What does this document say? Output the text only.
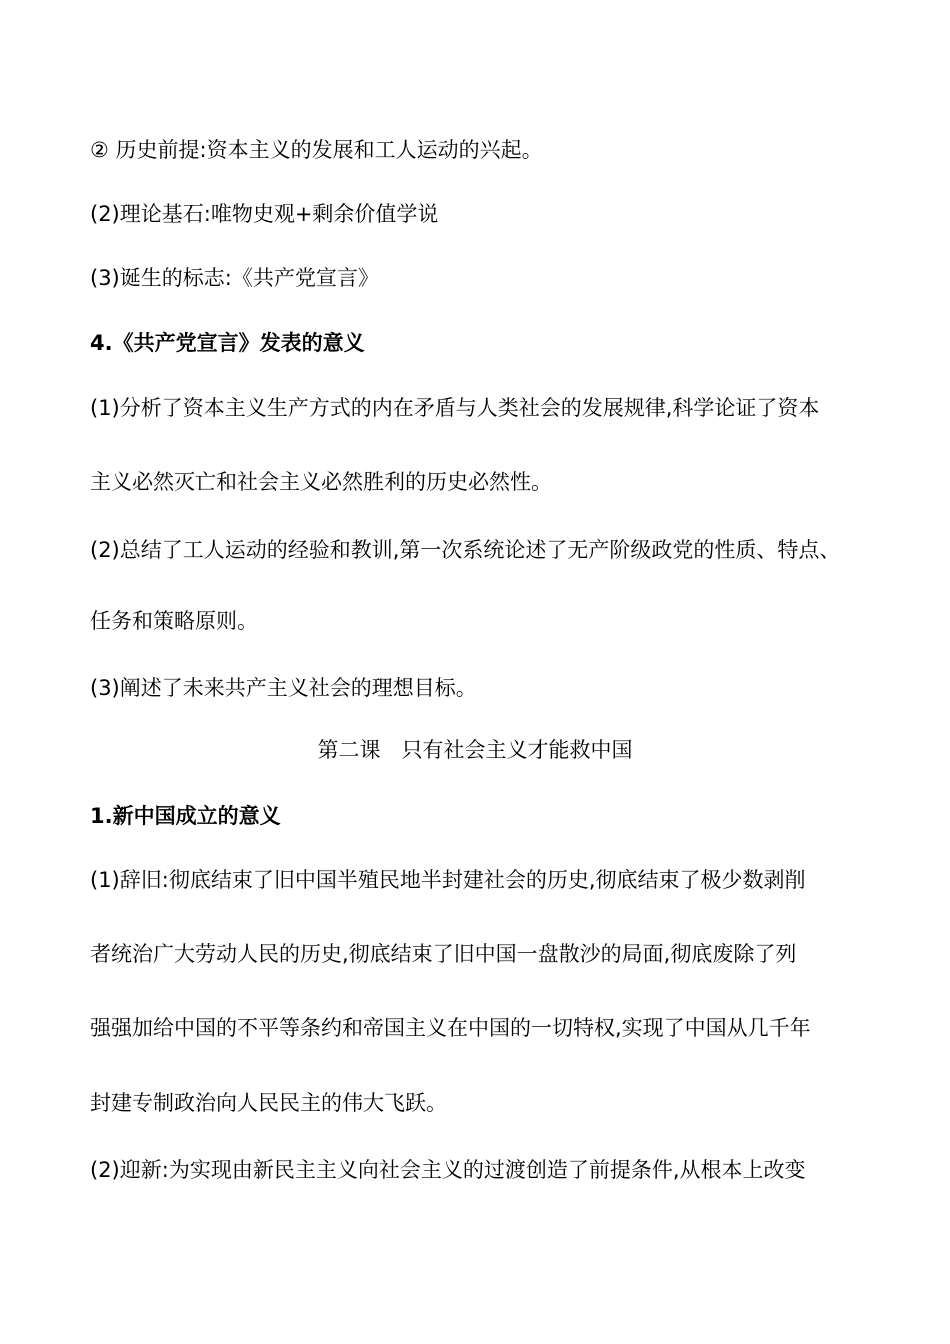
② 历史前提:资本主义的发展和工人运动的兴起。

(2)理论基石:唯物史观+剩余价值学说

(3)诞生的标志:《共产党宣言》

4.《共产党宣言》发表的意义

(1)分析了资本主义生产方式的内在矛盾与人类社会的发展规律,科学论证了资本

主义必然灭亡和社会主义必然胜利的历史必然性。

(2)总结了工人运动的经验和教训,第一次系统论述了无产阶级政党的性质、特点、

任务和策略原则。

(3)阐述了未来共产主义社会的理想目标。

第二课　只有社会主义才能救中国

1.新中国成立的意义

(1)辞旧:彻底结束了旧中国半殖民地半封建社会的历史,彻底结束了极少数剥削

者统治广大劳动人民的历史,彻底结束了旧中国一盘散沙的局面,彻底废除了列

强强加给中国的不平等条约和帝国主义在中国的一切特权,实现了中国从几千年

封建专制政治向人民民主的伟大飞跃。

(2)迎新:为实现由新民主主义向社会主义的过渡创造了前提条件,从根本上改变
